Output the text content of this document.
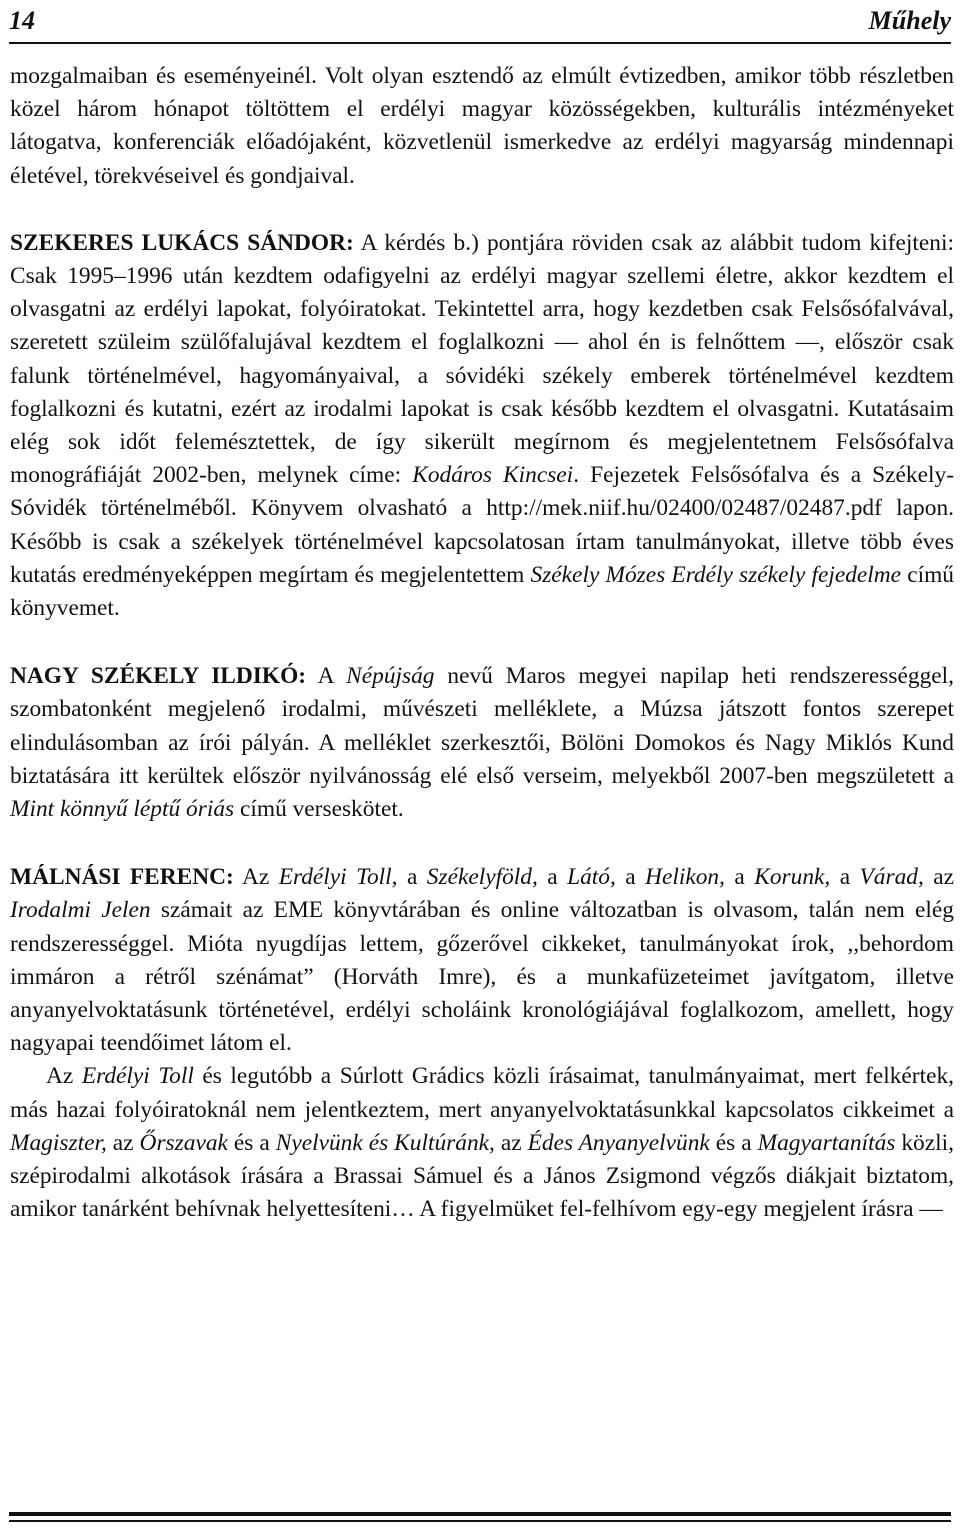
14	Műhely

mozgalmaiban és eseményeinél. Volt olyan esztendő az elmúlt évtizedben, amikor több részletben közel három hónapot töltöttem el erdélyi magyar közösségekben, kulturális intézményeket látogatva, konferenciák előadójaként, közvetlenül ismerkedve az erdélyi magyarság mindennapi életével, törekvéseivel és gondjaival.

SZEKERES LUKÁCS SÁNDOR: A kérdés b.) pontjára röviden csak az alábbit tudom kifejteni: Csak 1995–1996 után kezdtem odafigyelni az erdélyi magyar szellemi életre, akkor kezdtem el olvasgatni az erdélyi lapokat, folyóiratokat. Tekintettel arra, hogy kezdetben csak Felsősófalvával, szeretett szüleim szülőfalujával kezdtem el foglalkozni — ahol én is felnőttem —, először csak falunk történelmével, hagyományaival, a sóvidéki székely emberek történelmével kezdtem foglalkozni és kutatni, ezért az irodalmi lapokat is csak később kezdtem el olvasgatni. Kutatásaim elég sok időt felemésztettek, de így sikerült megírnom és megjelentetnem Felsősófalva monográfiáját 2002-ben, melynek címe: Kodáros Kincsei. Fejezetek Felsősófalva és a Székely-Sóvidék történelméből. Könyvem olvasható a http://mek.niif.hu/02400/02487/02487.pdf lapon. Később is csak a székelyek történelmével kapcsolatosan írtam tanulmányokat, illetve több éves kutatás eredményeképpen megírtam és megjelentettem Székely Mózes Erdély székely fejedelme című könyvemet.

NAGY SZÉKELY ILDIKÓ: A Népújság nevű Maros megyei napilap heti rendszerességgel, szombatonként megjelenő irodalmi, művészeti melléklete, a Múzsa játszott fontos szerepet elindulásomban az írói pályán. A melléklet szerkesztői, Bölöni Domokos és Nagy Miklós Kund biztatására itt kerültek először nyilvánosság elé első verseim, melyekből 2007-ben megszületett a Mint könnyű léptű óriás című verseskötet.

MÁLNÁSI FERENC: Az Erdélyi Toll, a Székelyföld, a Látó, a Helikon, a Korunk, a Várad, az Irodalmi Jelen számait az EME könyvtárában és online változatban is olvasom, talán nem elég rendszerességgel. Mióta nyugdíjas lettem, gőzerővel cikkeket, tanulmányokat írok, ,,behordom immáron a rétről szénámat” (Horváth Imre), és a munkafüzeteimet javítgatom, illetve anyanyelvoktatásunk történetével, erdélyi scholáink kronológiájával foglalkozom, amellett, hogy nagyapai teendőimet látom el.

Az Erdélyi Toll és legutóbb a Súrlott Grádics közli írásaimat, tanulmányaimat, mert felkértek, más hazai folyóiratoknál nem jelentkeztem, mert anyanyelvoktatásunkkal kapcsolatos cikkeimet a Magiszter, az Őrszavak és a Nyelvünk és Kultúránk, az Édes Anyanyelvünk és a Magyartanítás közli, szépirodalmi alkotások írására a Brassai Sámuel és a János Zsigmond végzős diákjait biztatom, amikor tanárként behívnak helyettesíteni… A figyelmüket fel-felhívom egy-egy megjelent írásra —
